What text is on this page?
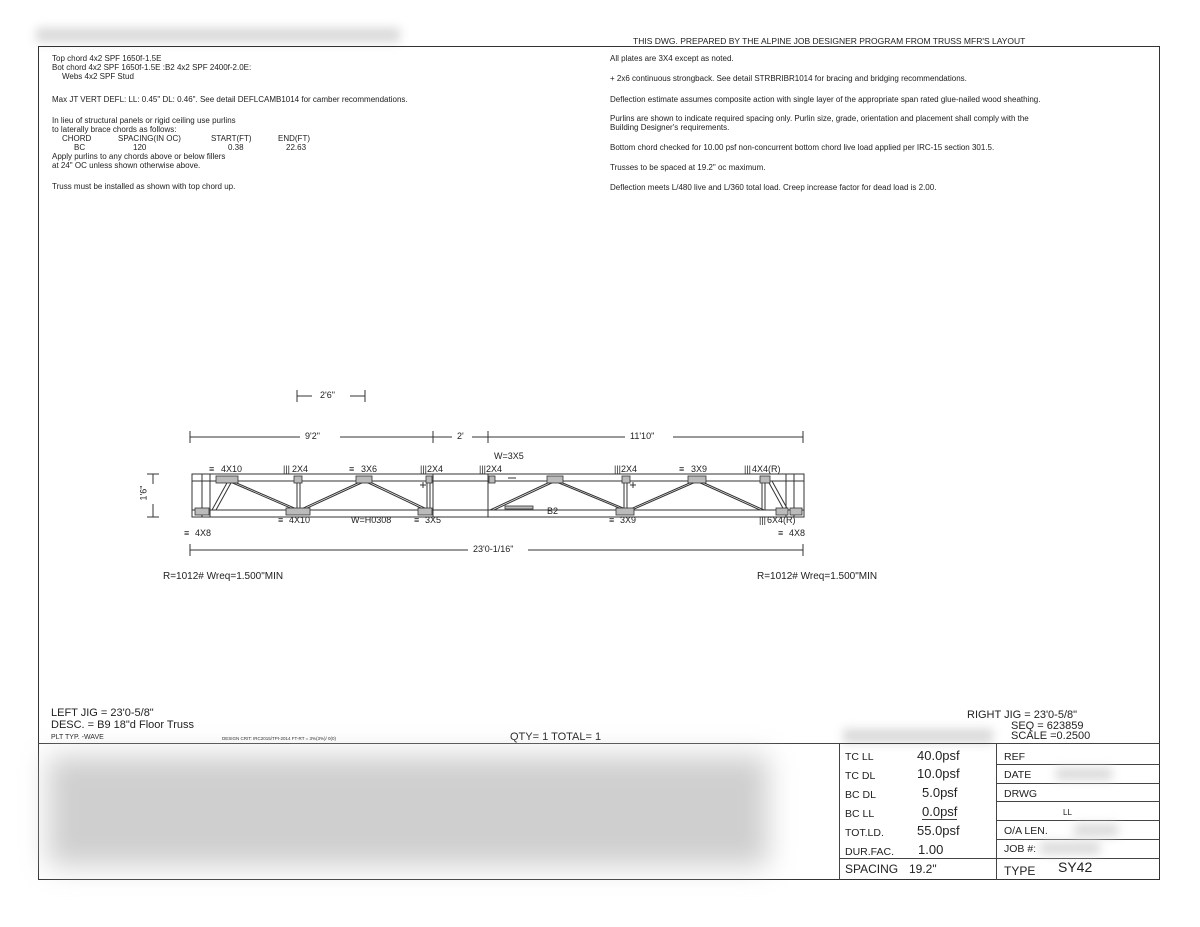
THIS DWG. PREPARED BY THE ALPINE JOB DESIGNER PROGRAM FROM TRUSS MFR'S LAYOUT
Top chord 4x2 SPF 1650f-1.5E
Bot chord 4x2 SPF 1650f-1.5E :B2 4x2 SPF 2400f-2.0E:
Webs 4x2 SPF Stud
Max JT VERT DEFL: LL: 0.45" DL: 0.46". See detail DEFLCAMB1014 for camber recommendations.
In lieu of structural panels or rigid ceiling use purlins
to laterally brace chords as follows:
CHORD	SPACING(IN OC)	START(FT)	END(FT)
BC	120	0.38	22.63
Apply purlins to any chords above or below fillers
at 24" OC unless shown otherwise above.
Truss must be installed as shown with top chord up.
All plates are 3X4 except as noted.
+ 2x6 continuous strongback. See detail STRBRIBR1014 for bracing and bridging recommendations.
Deflection estimate assumes composite action with single layer of the appropriate span rated glue-nailed wood sheathing.
Purlins are shown to indicate required spacing only. Purlin size, grade, orientation and placement shall comply with the
Building Designer's requirements.
Bottom chord checked for 10.00 psf non-concurrent bottom chord live load applied per IRC-15 section 301.5.
Trusses to be spaced at 19.2" oc maximum.
Deflection meets L/480 live and L/360 total load. Creep increase factor for dead load is 2.00.
2'6"
9'2"	2'	11'10"
1'6"
23'0-1/16"
4X10	2X4	3X6	2X4	2X4	2X4	3X9	4X4(R)
W=3X5
4X8
4X10	W=H0308	3X5
B2
3X9	6X4(R)
4X8
≡	|||	≡	|||	|||	|||	≡	|||
≡
≡	≡	≡	|||
≡
R=1012# Wreq=1.500"MIN	R=1012# Wreq=1.500"MIN
LEFT JIG = 23'0-5/8"
DESC. = B9 18"d Floor Truss
PLT TYP. -WAVE	DESIGN CRIT: IRC2015/TPI-2014 FT-RT = 3%(3%)/ 0(0)	QTY= 1 TOTAL= 1
RIGHT JIG = 23'0-5/8"
SEQ = 623859
SCALE =0.2500
TC LL	40.0psf
TC DL	10.0psf
BC DL	5.0psf
BC LL	0.0psf
TOT.LD.	55.0psf
DUR.FAC. 1.00
SPACING 19.2"
REF
DATE
DRWG
LL
O/A LEN.
JOB #:
TYPE SY42
